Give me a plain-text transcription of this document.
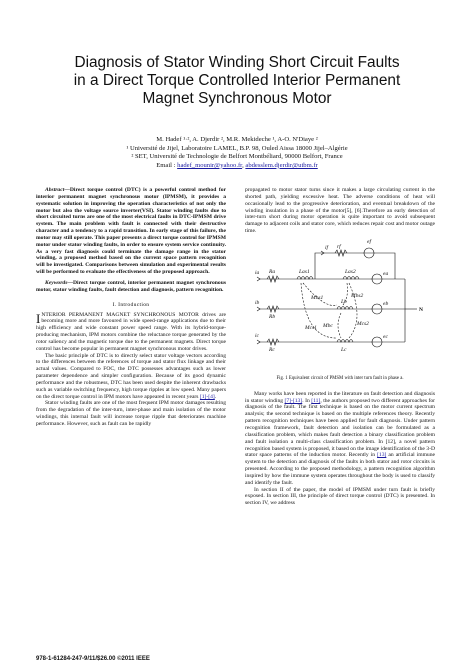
Diagnosis of Stator Winding Short Circuit Faults
in a Direct Torque Controlled Interior Permanent
Magnet Synchronous Motor
M. Hadef ¹·², A. Djerdir ², M.R. Mekideche ¹, A-O. N'Diaye ²
¹ Université de Jijel, Laboratoire LAMEL, B.P. 98, Ouled Aissa 18000 Jijel–Algérie
² SET, Université de Technologie de Belfort Montbéliard, 90000 Belfort, France
Email : hadef_mounir@yahoo.fr, abdesslem.djerdir@utbm.fr

Abstract—Direct torque control (DTC) is a powerful control method for interior permanent magnet synchronous motor (IPMSM), it provides a systematic solution in improving the operation characteristics of not only the motor but also the voltage source inverter(VSI). Stator winding faults due to short circuited turns are one of the most electrical faults in DTC-IPMSM drive system. The main problem with fault is connected with their destructive character and a tendency to a rapid transition. In early stage of this failure, the motor may still operate. This paper presents a direct torque control for IPMSM motor under stator winding faults, in order to ensure system service continuity. As a very fast diagnosis could terminate the damage range in the stator winding, a proposed method based on the current space pattern recognition will be investigated. Comparisons between simulation and experimental results will be performed to evaluate the effectiveness of the proposed approach.

Keywords—Direct torque control, interior permanent magnet synchronous motor, stator winding faults, fault detection and diagnosis, pattern recognition.

I. Introduction

INTERIOR PERMANENT MAGNET SYNCHRONOUS MOTOR drives are becoming more and more favoured in wide speed-range applications due to their high efficiency and wide constant power speed range. With its hybrid-torque-producing mechanism, IPM motors combine the reluctance torque generated by the rotor saliency and the magnetic torque due to the permanent magnets. Direct torque control has become popular in permanent magnet synchronous motor drives.

The basic principle of DTC is to directly select stator voltage vectors according to the differences between the references of torque and stator flux linkage and their actual values. Compared to FOC, the DTC possesses advantages such as lower parameter dependence and simpler configuration. Because of its good dynamic performance and the robustness, DTC has been used despite the inherent drawbacks such as variable switching frequency, high torque ripples at low speed. Many papers on the direct torque control in IPM motors have appeared in recent years [1]-[4].

Stator winding faults are one of the most frequent IPM motor damages resulting from the degradation of the inter-turn, inter-phase and main isolation of the motor windings, this internal fault will increase torque ripple that deteriorates machine performance. However, such as fault can be rapidly

propagated to motor stator turns since it makes a large circulating current in the shorted path, yielding excessive heat. The adverse conditions of heat will occasionally lead to the progressive deterioration, and eventual breakdown of the winding insulation in a phase of the motor[5], [6].Therefore an early detection of inter-turn short during motor operation is quite important to avoid subsequent damage to adjacent coils and stator core, which reduces repair cost and motor outage time.

ia
ib
ic
if rf
Ra
Rb
Rc
Las1	Las2
Lb
Lc
Mbs1	Mbs2
Mcs1
Mcs2
Mbc
ef
ea
eb
ec
N
Fig. 1 Equivalent circuit of PMSM with inter turn fault in phase a.

Many works have been reported in the literature on fault detection and diagnosis in stator winding [7]-[13]. In [11], the authors proposed two different approaches for diagnosis of the fault. The first technique is based on the motor current spectrum analysis; the second technique is based on the multiple references theory. Recently pattern recognition techniques have been applied for fault diagnosis. Under pattern recognition framework, fault detection and isolation can be formulated as a classification problem, which makes fault detection a binary classification problem and fault isolation a multi-class classification problem. In [12], a novel pattern recognition based system is proposed, it based on the image identification of the 3-D stator space patterns of the induction motor. Recently in [13] an artificial immune system to the detection and diagnosis of the faults in both stator and rotor circuits is presented. According to the proposed methodology, a pattern recognition algorithm inspired by how the immune system operates throughout the body is used to classify and identify the fault.

In section II of the paper, the model of IPMSM under turn fault is briefly exposed. In section III, the principle of direct torque control (DTC) is presented. In section IV, we address

978-1-61284-247-9/11/$26.00 ©2011 IEEE
